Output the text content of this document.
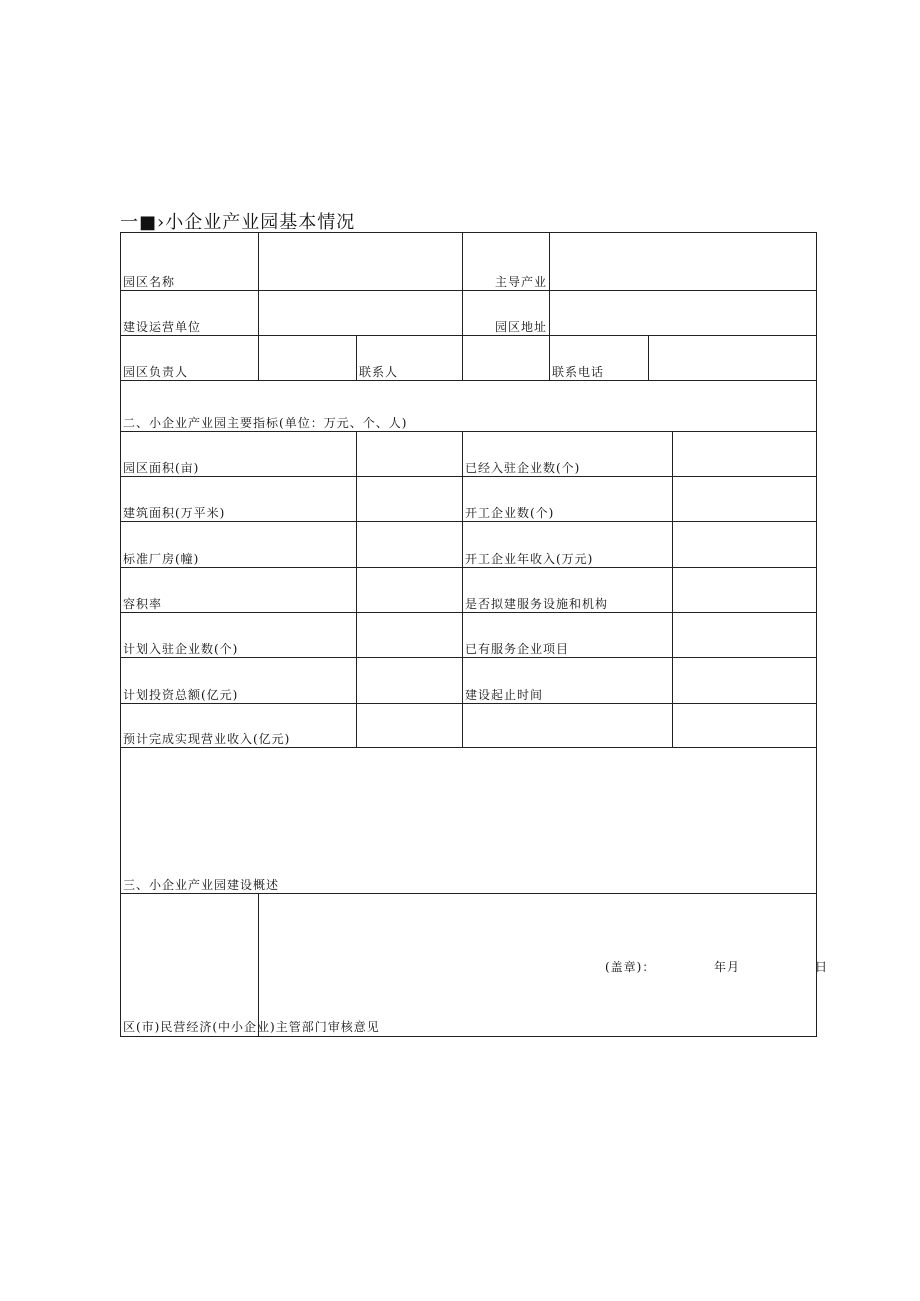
一■›小企业产业园基本情况
园区名称			主导产业			
建设运营单位			园区地址			
园区负责人		联系人		联系电话		
二、小企业产业园主要指标(单位：万元、个、人)						
园区面积(亩)			已经入驻企业数(个)			
建筑面积(万平米)			开工企业数(个)			
标准厂房(幢)			开工企业年收入(万元)			
容积率			是否拟建服务设施和机构			
计划入驻企业数(个)			已有服务企业项目			
计划投资总额(亿元)			建设起止时间			
预计完成实现营业收入(亿元)						
三、小企业产业园建设概述						
区(市)民营经济(中小企业)主管部门审核意见	(盖章)： 年月 日					
